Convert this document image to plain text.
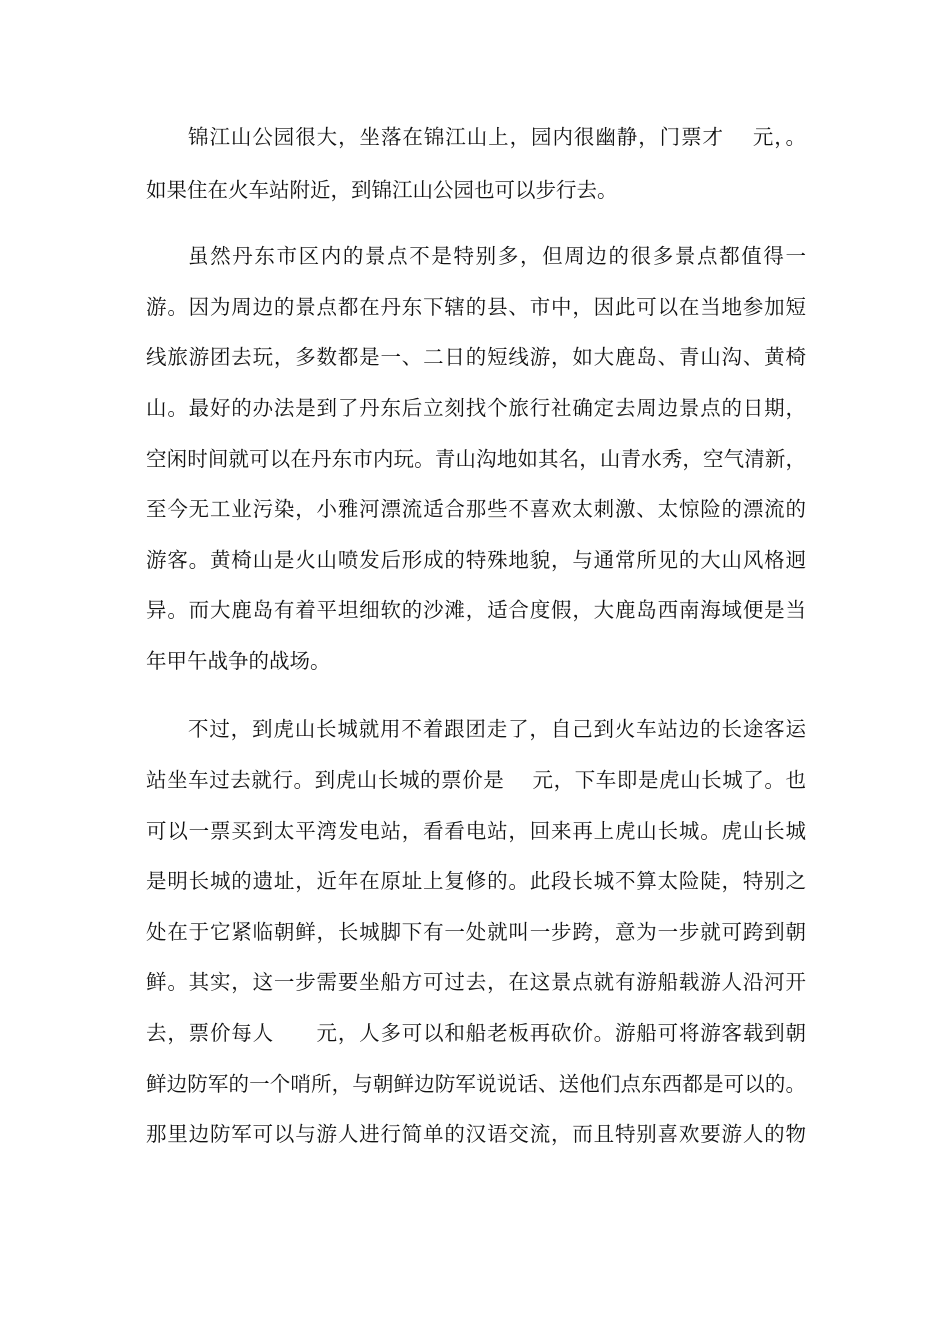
锦江山公园很大，坐落在锦江山上，园内很幽静，门票才　 元，。
如果住在火车站附近，到锦江山公园也可以步行去。
虽然丹东市区内的景点不是特别多，但周边的很多景点都值得一
游。因为周边的景点都在丹东下辖的县、市中，因此可以在当地参加短
线旅游团去玩，多数都是一、二日的短线游，如大鹿岛、青山沟、黄椅
山。最好的办法是到了丹东后立刻找个旅行社确定去周边景点的日期，
空闲时间就可以在丹东市内玩。青山沟地如其名，山青水秀，空气清新，
至今无工业污染，小雅河漂流适合那些不喜欢太刺激、太惊险的漂流的
游客。黄椅山是火山喷发后形成的特殊地貌，与通常所见的大山风格迥
异。而大鹿岛有着平坦细软的沙滩，适合度假，大鹿岛西南海域便是当
年甲午战争的战场。
不过，到虎山长城就用不着跟团走了，自己到火车站边的长途客运
站坐车过去就行。到虎山长城的票价是　 元，下车即是虎山长城了。也
可以一票买到太平湾发电站，看看电站，回来再上虎山长城。虎山长城
是明长城的遗址，近年在原址上复修的。此段长城不算太险陡，特别之
处在于它紧临朝鲜，长城脚下有一处就叫一步跨，意为一步就可跨到朝
鲜。其实，这一步需要坐船方可过去，在这景点就有游船载游人沿河开
去，票价每人　　元，人多可以和船老板再砍价。游船可将游客载到朝
鲜边防军的一个哨所，与朝鲜边防军说说话、送他们点东西都是可以的。
那里边防军可以与游人进行简单的汉语交流，而且特别喜欢要游人的物
